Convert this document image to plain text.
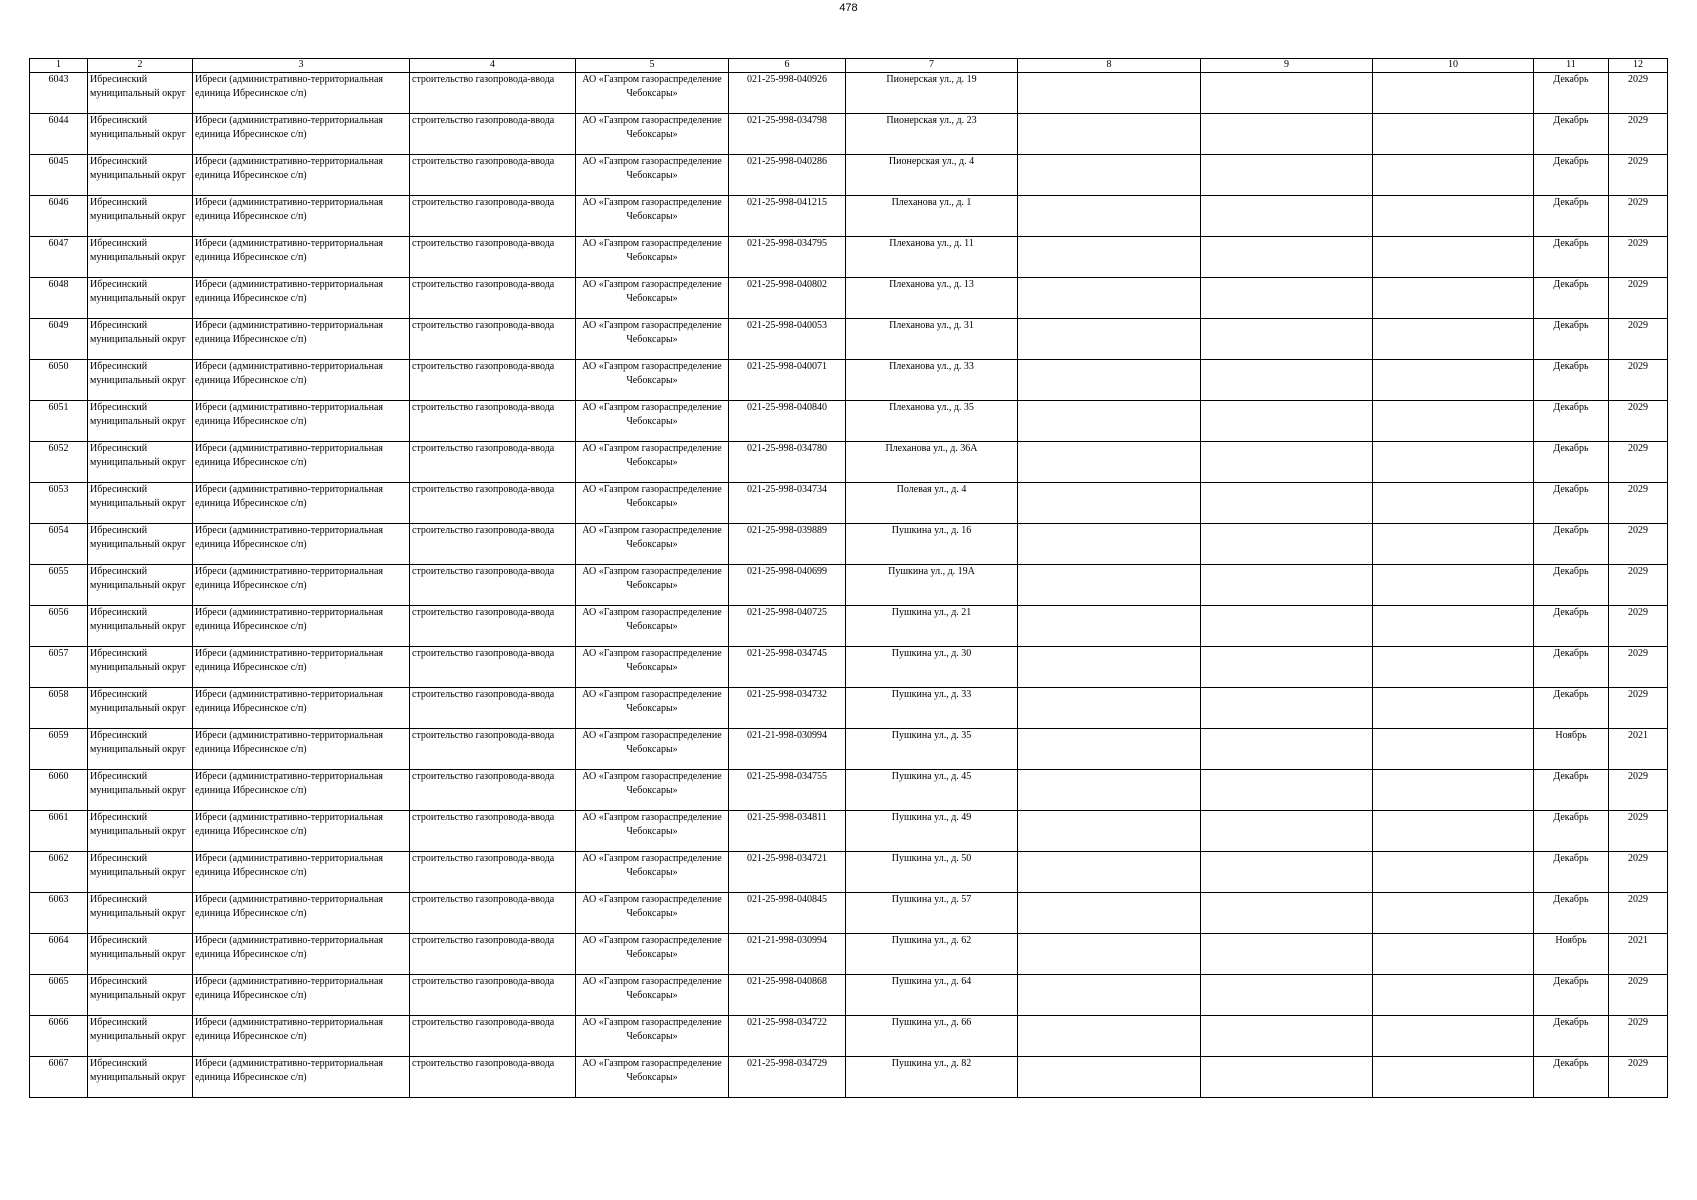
478
1	2	3	4	5	6	7	8	9	10	11	12

6043	Ибресинский муниципальный округ	Ибреси (административно-территориальная единица Ибресинское с/п)	строительство газопровода-ввода	АО «Газпром газораспределение Чебоксары»	021-25-998-040926	Пионерская ул., д. 19				Декабрь	2029

6044	Ибресинский муниципальный округ	Ибреси (административно-территориальная единица Ибресинское с/п)	строительство газопровода-ввода	АО «Газпром газораспределение Чебоксары»	021-25-998-034798	Пионерская ул., д. 23				Декабрь	2029

6045	Ибресинский муниципальный округ	Ибреси (административно-территориальная единица Ибресинское с/п)	строительство газопровода-ввода	АО «Газпром газораспределение Чебоксары»	021-25-998-040286	Пионерская ул., д. 4				Декабрь	2029

6046	Ибресинский муниципальный округ	Ибреси (административно-территориальная единица Ибресинское с/п)	строительство газопровода-ввода	АО «Газпром газораспределение Чебоксары»	021-25-998-041215	Плеханова ул., д. 1				Декабрь	2029

6047	Ибресинский муниципальный округ	Ибреси (административно-территориальная единица Ибресинское с/п)	строительство газопровода-ввода	АО «Газпром газораспределение Чебоксары»	021-25-998-034795	Плеханова ул., д. 11				Декабрь	2029

6048	Ибресинский муниципальный округ	Ибреси (административно-территориальная единица Ибресинское с/п)	строительство газопровода-ввода	АО «Газпром газораспределение Чебоксары»	021-25-998-040802	Плеханова ул., д. 13				Декабрь	2029

6049	Ибресинский муниципальный округ	Ибреси (административно-территориальная единица Ибресинское с/п)	строительство газопровода-ввода	АО «Газпром газораспределение Чебоксары»	021-25-998-040053	Плеханова ул., д. 31				Декабрь	2029

6050	Ибресинский муниципальный округ	Ибреси (административно-территориальная единица Ибресинское с/п)	строительство газопровода-ввода	АО «Газпром газораспределение Чебоксары»	021-25-998-040071	Плеханова ул., д. 33				Декабрь	2029

6051	Ибресинский муниципальный округ	Ибреси (административно-территориальная единица Ибресинское с/п)	строительство газопровода-ввода	АО «Газпром газораспределение Чебоксары»	021-25-998-040840	Плеханова ул., д. 35				Декабрь	2029

6052	Ибресинский муниципальный округ	Ибреси (административно-территориальная единица Ибресинское с/п)	строительство газопровода-ввода	АО «Газпром газораспределение Чебоксары»	021-25-998-034780	Плеханова ул., д. 36А				Декабрь	2029

6053	Ибресинский муниципальный округ	Ибреси (административно-территориальная единица Ибресинское с/п)	строительство газопровода-ввода	АО «Газпром газораспределение Чебоксары»	021-25-998-034734	Полевая ул., д. 4				Декабрь	2029

6054	Ибресинский муниципальный округ	Ибреси (административно-территориальная единица Ибресинское с/п)	строительство газопровода-ввода	АО «Газпром газораспределение Чебоксары»	021-25-998-039889	Пушкина ул., д. 16				Декабрь	2029

6055	Ибресинский муниципальный округ	Ибреси (административно-территориальная единица Ибресинское с/п)	строительство газопровода-ввода	АО «Газпром газораспределение Чебоксары»	021-25-998-040699	Пушкина ул., д. 19А				Декабрь	2029

6056	Ибресинский муниципальный округ	Ибреси (административно-территориальная единица Ибресинское с/п)	строительство газопровода-ввода	АО «Газпром газораспределение Чебоксары»	021-25-998-040725	Пушкина ул., д. 21				Декабрь	2029

6057	Ибресинский муниципальный округ	Ибреси (административно-территориальная единица Ибресинское с/п)	строительство газопровода-ввода	АО «Газпром газораспределение Чебоксары»	021-25-998-034745	Пушкина ул., д. 30				Декабрь	2029

6058	Ибресинский муниципальный округ	Ибреси (административно-территориальная единица Ибресинское с/п)	строительство газопровода-ввода	АО «Газпром газораспределение Чебоксары»	021-25-998-034732	Пушкина ул., д. 33				Декабрь	2029

6059	Ибресинский муниципальный округ	Ибреси (административно-территориальная единица Ибресинское с/п)	строительство газопровода-ввода	АО «Газпром газораспределение Чебоксары»	021-21-998-030994	Пушкина ул., д. 35				Ноябрь	2021

6060	Ибресинский муниципальный округ	Ибреси (административно-территориальная единица Ибресинское с/п)	строительство газопровода-ввода	АО «Газпром газораспределение Чебоксары»	021-25-998-034755	Пушкина ул., д. 45				Декабрь	2029

6061	Ибресинский муниципальный округ	Ибреси (административно-территориальная единица Ибресинское с/п)	строительство газопровода-ввода	АО «Газпром газораспределение Чебоксары»	021-25-998-034811	Пушкина ул., д. 49				Декабрь	2029

6062	Ибресинский муниципальный округ	Ибреси (административно-территориальная единица Ибресинское с/п)	строительство газопровода-ввода	АО «Газпром газораспределение Чебоксары»	021-25-998-034721	Пушкина ул., д. 50				Декабрь	2029

6063	Ибресинский муниципальный округ	Ибреси (административно-территориальная единица Ибресинское с/п)	строительство газопровода-ввода	АО «Газпром газораспределение Чебоксары»	021-25-998-040845	Пушкина ул., д. 57				Декабрь	2029

6064	Ибресинский муниципальный округ	Ибреси (административно-территориальная единица Ибресинское с/п)	строительство газопровода-ввода	АО «Газпром газораспределение Чебоксары»	021-21-998-030994	Пушкина ул., д. 62				Ноябрь	2021

6065	Ибресинский муниципальный округ	Ибреси (административно-территориальная единица Ибресинское с/п)	строительство газопровода-ввода	АО «Газпром газораспределение Чебоксары»	021-25-998-040868	Пушкина ул., д. 64				Декабрь	2029

6066	Ибресинский муниципальный округ	Ибреси (административно-территориальная единица Ибресинское с/п)	строительство газопровода-ввода	АО «Газпром газораспределение Чебоксары»	021-25-998-034722	Пушкина ул., д. 66				Декабрь	2029

6067	Ибресинский муниципальный округ	Ибреси (административно-территориальная единица Ибресинское с/п)	строительство газопровода-ввода	АО «Газпром газораспределение Чебоксары»	021-25-998-034729	Пушкина ул., д. 82				Декабрь	2029
